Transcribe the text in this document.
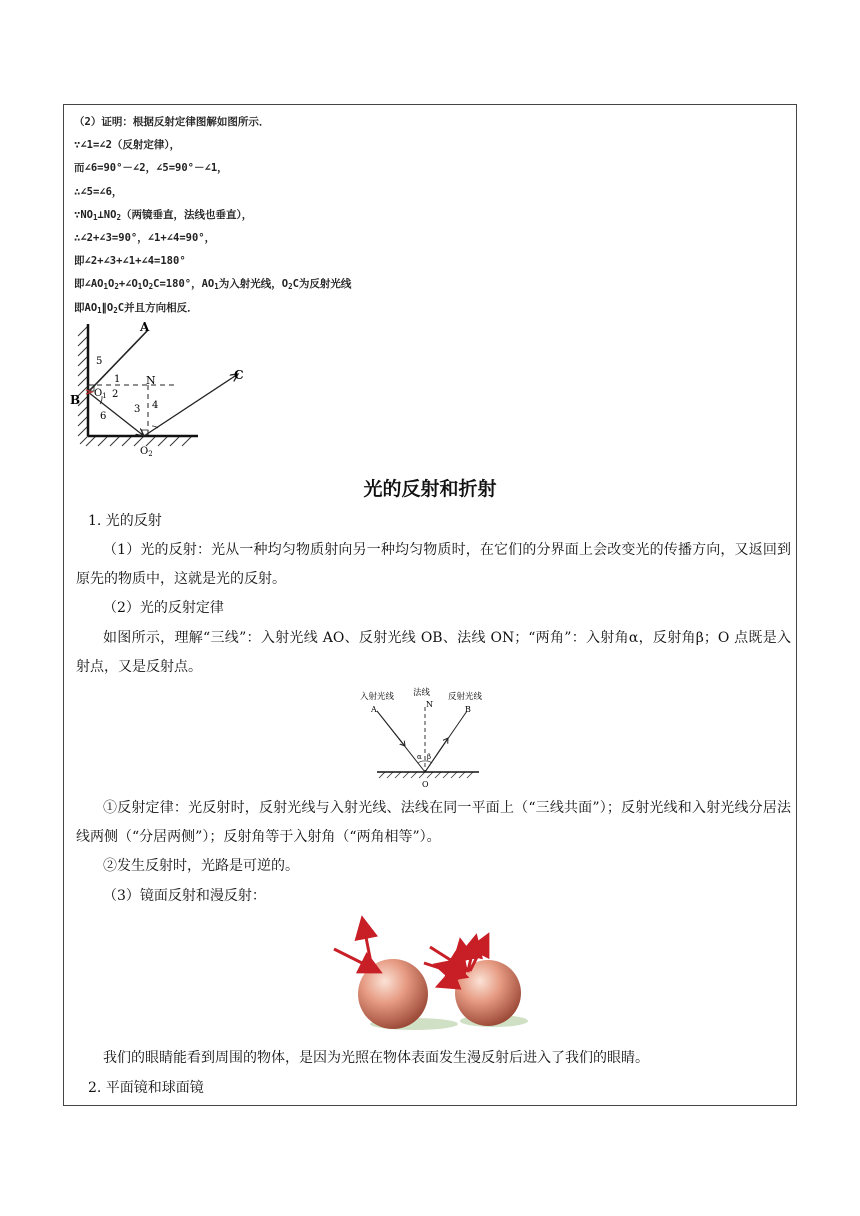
（2）证明：根据反射定律图解如图所示．
∵∠1=∠2（反射定律），
而∠6=90°－∠2，∠5=90°－∠1，
∴∠5=∠6，
$\because NO_1\perp NO_2$（两镜垂直，法线也垂直），
∴∠2+∠3=90°，∠1+∠4=90°，
即∠2+∠3+∠1+∠4=180°
即$\angle AO_1O_2+\angle O_1O_2C=180^\circ$，$AO_1$为入射光线，$O_2C$为反射光线
即$AO_1\parallel O_2C$并且方向相反．
A
B
C
N
$O_1$
$O_2$
1
2
3 4
5
6
光的反射和折射
1. 光的反射
（1）光的反射：光从一种均匀物质射向另一种均匀物质时，在它们的分界面上会改变光的传播方向，又返回到原先的物质中，这就是光的反射。
（2）光的反射定律
如图所示，理解“三线”：入射光线 AO、反射光线 OB、法线 ON；“两角”：入射角α，反射角β；O 点既是入射点，又是反射点。
入射光线 法线 反射光线
A
N
B
O
α β
①反射定律：光反射时，反射光线与入射光线、法线在同一平面上（“三线共面”）；反射光线和入射光线分居法线两侧（“分居两侧”）；反射角等于入射角（“两角相等”）。
②发生反射时，光路是可逆的。
（3）镜面反射和漫反射：
我们的眼睛能看到周围的物体，是因为光照在物体表面发生漫反射后进入了我们的眼睛。
2. 平面镜和球面镜
